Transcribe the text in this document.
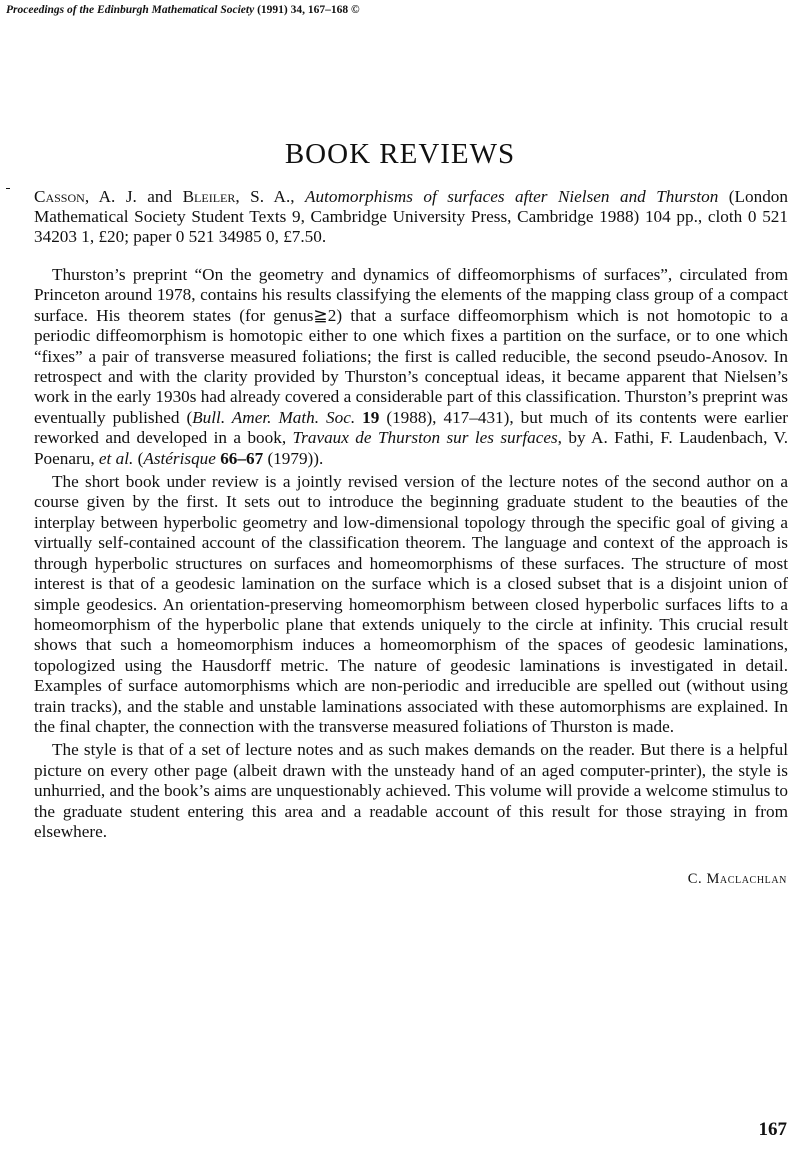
Proceedings of the Edinburgh Mathematical Society (1991) 34, 167–168 ©
BOOK REVIEWS
Casson, A. J. and Bleiler, S. A., Automorphisms of surfaces after Nielsen and Thurston (London Mathematical Society Student Texts 9, Cambridge University Press, Cambridge 1988) 104 pp., cloth 0 521 34203 1, £20; paper 0 521 34985 0, £7.50.

Thurston’s preprint “On the geometry and dynamics of diffeomorphisms of surfaces”, circulated from Princeton around 1978, contains his results classifying the elements of the mapping class group of a compact surface. His theorem states (for genus≧2) that a surface diffeomorphism which is not homotopic to a periodic diffeomorphism is homotopic either to one which fixes a partition on the surface, or to one which “fixes” a pair of transverse measured foliations; the first is called reducible, the second pseudo-Anosov. In retrospect and with the clarity provided by Thurston’s conceptual ideas, it became apparent that Nielsen’s work in the early 1930s had already covered a considerable part of this classification. Thurston’s preprint was eventually published (Bull. Amer. Math. Soc. 19 (1988), 417–431), but much of its contents were earlier reworked and developed in a book, Travaux de Thurston sur les surfaces, by A. Fathi, F. Laudenbach, V. Poenaru, et al. (Astérisque 66–67 (1979)).

The short book under review is a jointly revised version of the lecture notes of the second author on a course given by the first. It sets out to introduce the beginning graduate student to the beauties of the interplay between hyperbolic geometry and low-dimensional topology through the specific goal of giving a virtually self-contained account of the classification theorem. The language and context of the approach is through hyperbolic structures on surfaces and homeomorphisms of these surfaces. The structure of most interest is that of a geodesic lamination on the surface which is a closed subset that is a disjoint union of simple geodesics. An orientation-preserving homeomorphism between closed hyperbolic surfaces lifts to a homeomorphism of the hyperbolic plane that extends uniquely to the circle at infinity. This crucial result shows that such a homeomorphism induces a homeomorphism of the spaces of geodesic laminations, topologized using the Hausdorff metric. The nature of geodesic laminations is investigated in detail. Examples of surface automorphisms which are non-periodic and irreducible are spelled out (without using train tracks), and the stable and unstable laminations associated with these automorphisms are explained. In the final chapter, the connection with the transverse measured foliations of Thurston is made.

The style is that of a set of lecture notes and as such makes demands on the reader. But there is a helpful picture on every other page (albeit drawn with the unsteady hand of an aged computer-printer), the style is unhurried, and the book’s aims are unquestionably achieved. This volume will provide a welcome stimulus to the graduate student entering this area and a readable account of this result for those straying in from elsewhere.

C. Maclachlan
167
